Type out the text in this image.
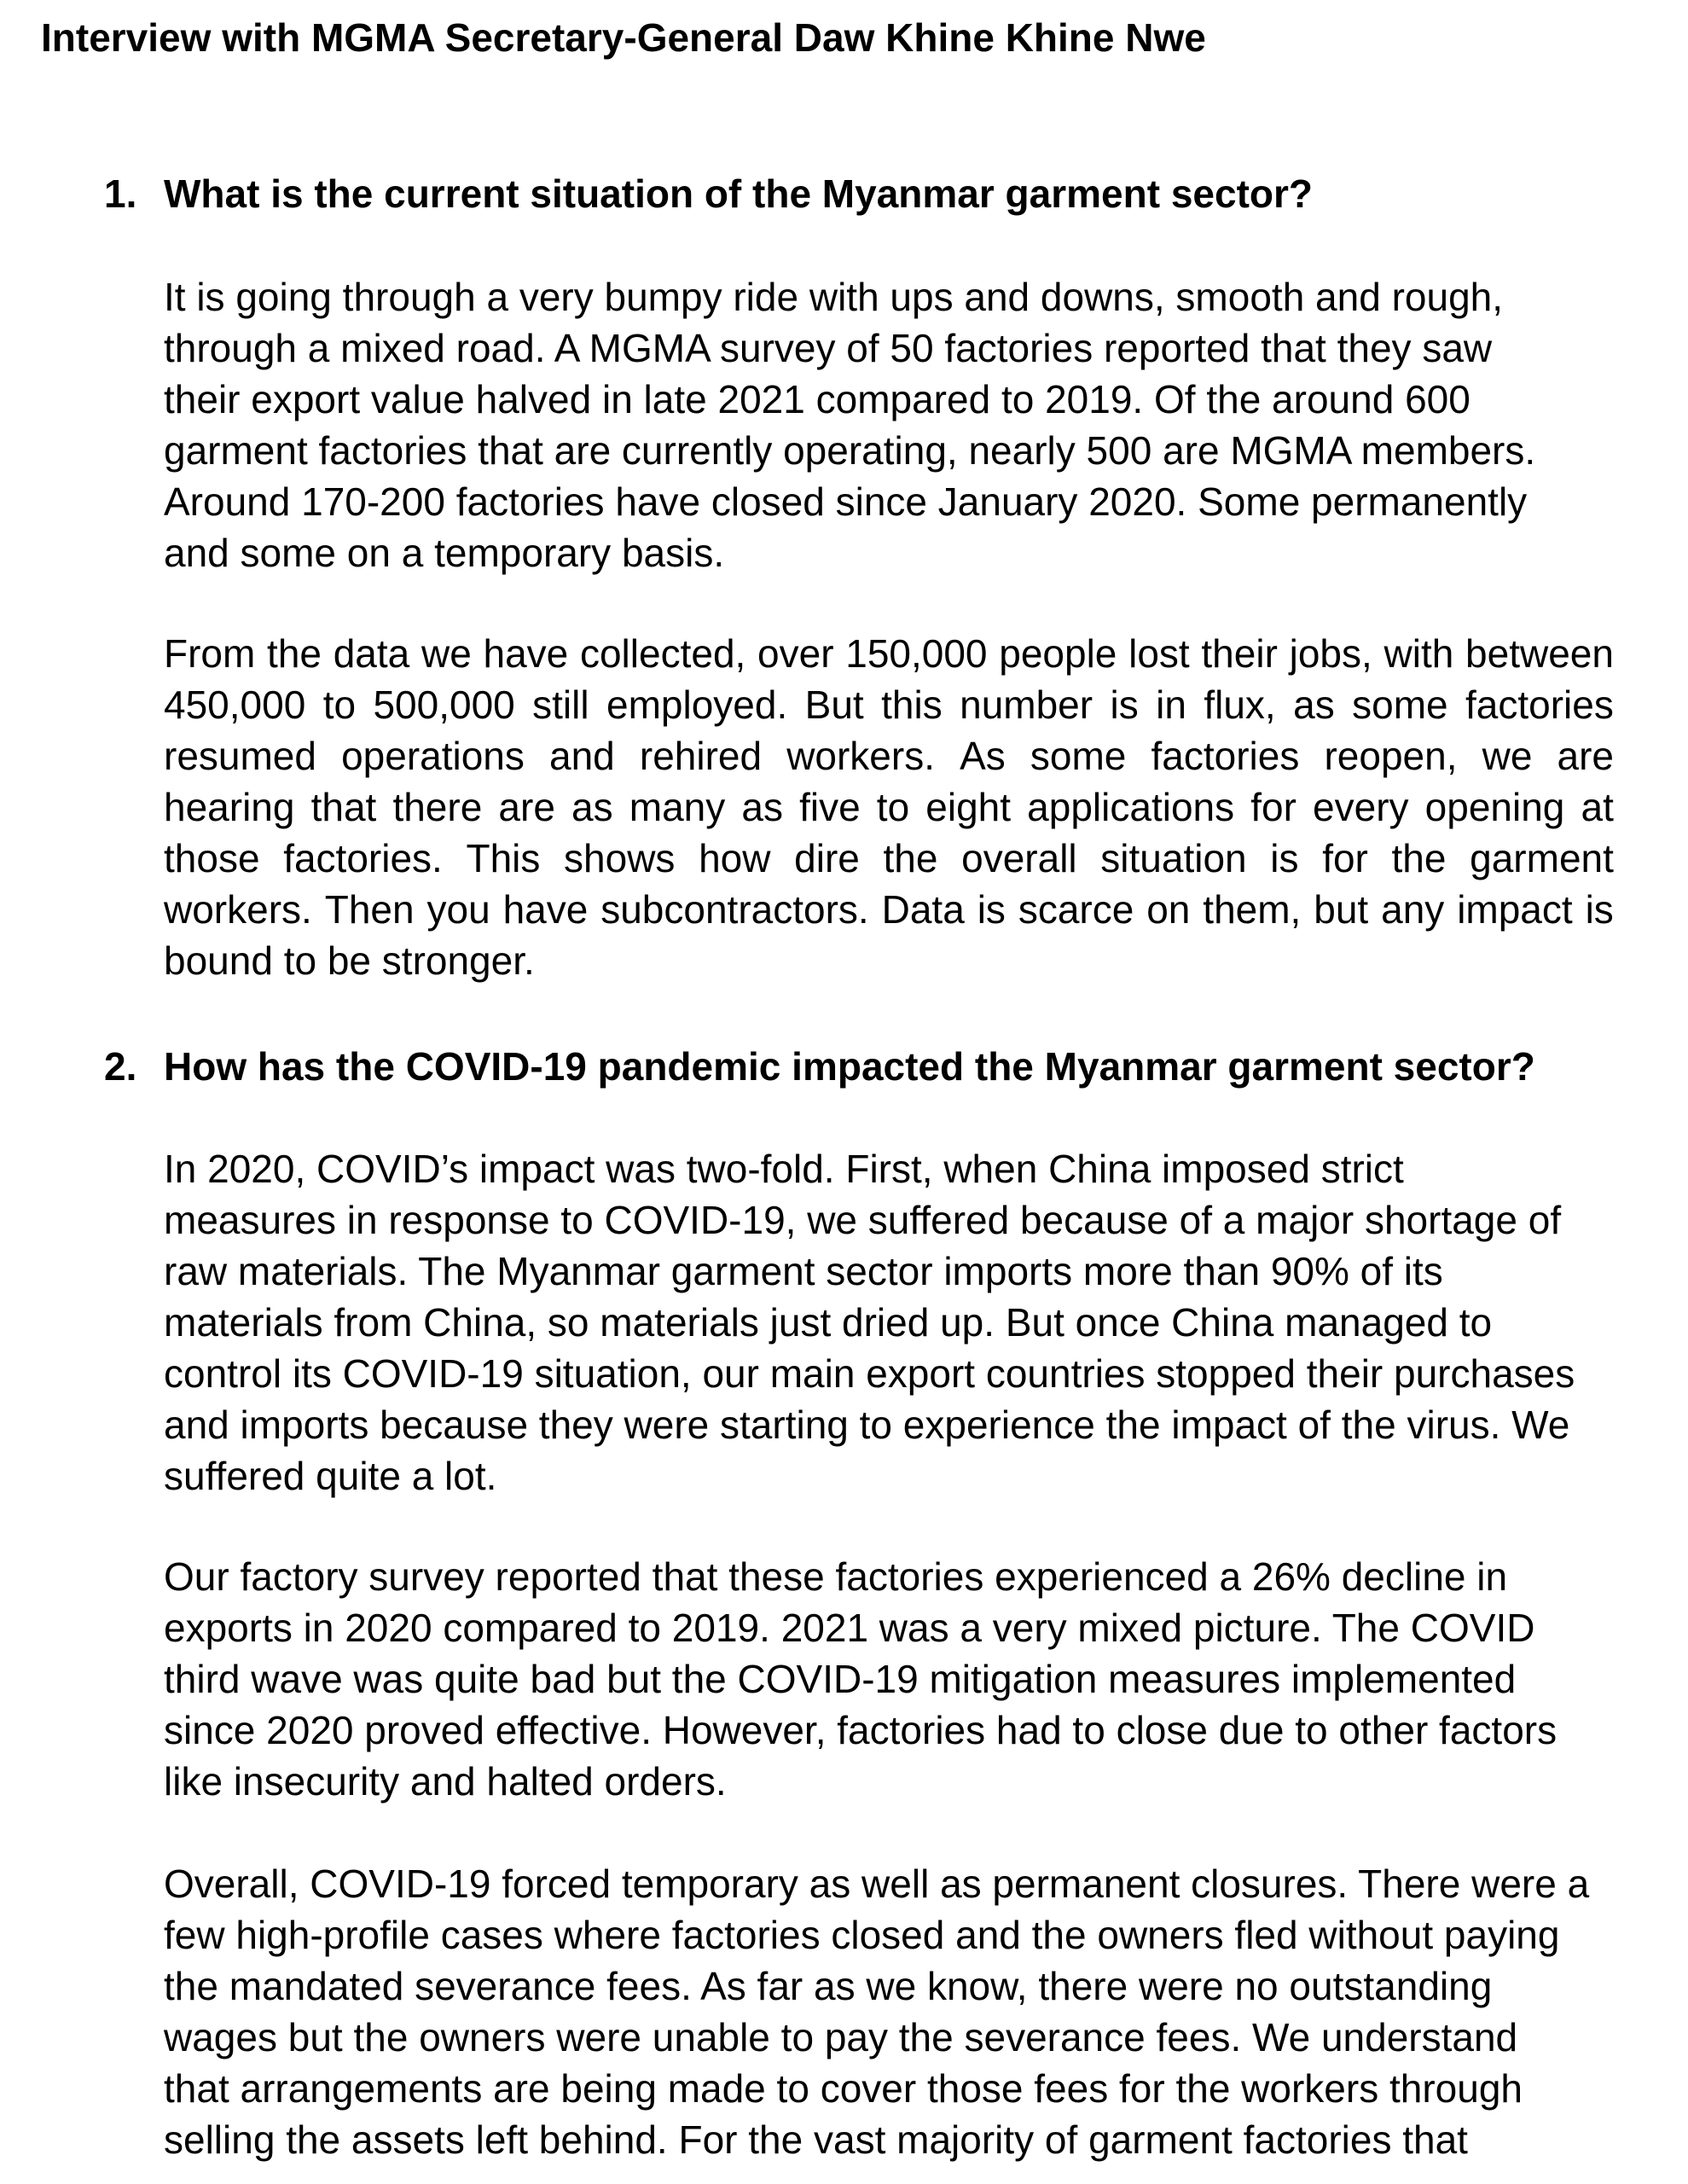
Interview with MGMA Secretary-General Daw Khine Khine Nwe
1. What is the current situation of the Myanmar garment sector?
It is going through a very bumpy ride with ups and downs, smooth and rough,
through a mixed road. A MGMA survey of 50 factories reported that they saw
their export value halved in late 2021 compared to 2019. Of the around 600
garment factories that are currently operating, nearly 500 are MGMA members.
Around 170-200 factories have closed since January 2020. Some permanently
and some on a temporary basis.
From the data we have collected, over 150,000 people lost their jobs, with between
450,000 to 500,000 still employed. But this number is in flux, as some factories
resumed operations and rehired workers. As some factories reopen, we are
hearing that there are as many as five to eight applications for every opening at
those factories. This shows how dire the overall situation is for the garment
workers. Then you have subcontractors. Data is scarce on them, but any impact is
bound to be stronger.
2. How has the COVID-19 pandemic impacted the Myanmar garment sector?
In 2020, COVID’s impact was two-fold. First, when China imposed strict
measures in response to COVID-19, we suffered because of a major shortage of
raw materials. The Myanmar garment sector imports more than 90% of its
materials from China, so materials just dried up. But once China managed to
control its COVID-19 situation, our main export countries stopped their purchases
and imports because they were starting to experience the impact of the virus. We
suffered quite a lot.
Our factory survey reported that these factories experienced a 26% decline in
exports in 2020 compared to 2019. 2021 was a very mixed picture. The COVID
third wave was quite bad but the COVID-19 mitigation measures implemented
since 2020 proved effective. However, factories had to close due to other factors
like insecurity and halted orders.
Overall, COVID-19 forced temporary as well as permanent closures. There were a
few high-profile cases where factories closed and the owners fled without paying
the mandated severance fees. As far as we know, there were no outstanding
wages but the owners were unable to pay the severance fees. We understand
that arrangements are being made to cover those fees for the workers through
selling the assets left behind. For the vast majority of garment factories that
